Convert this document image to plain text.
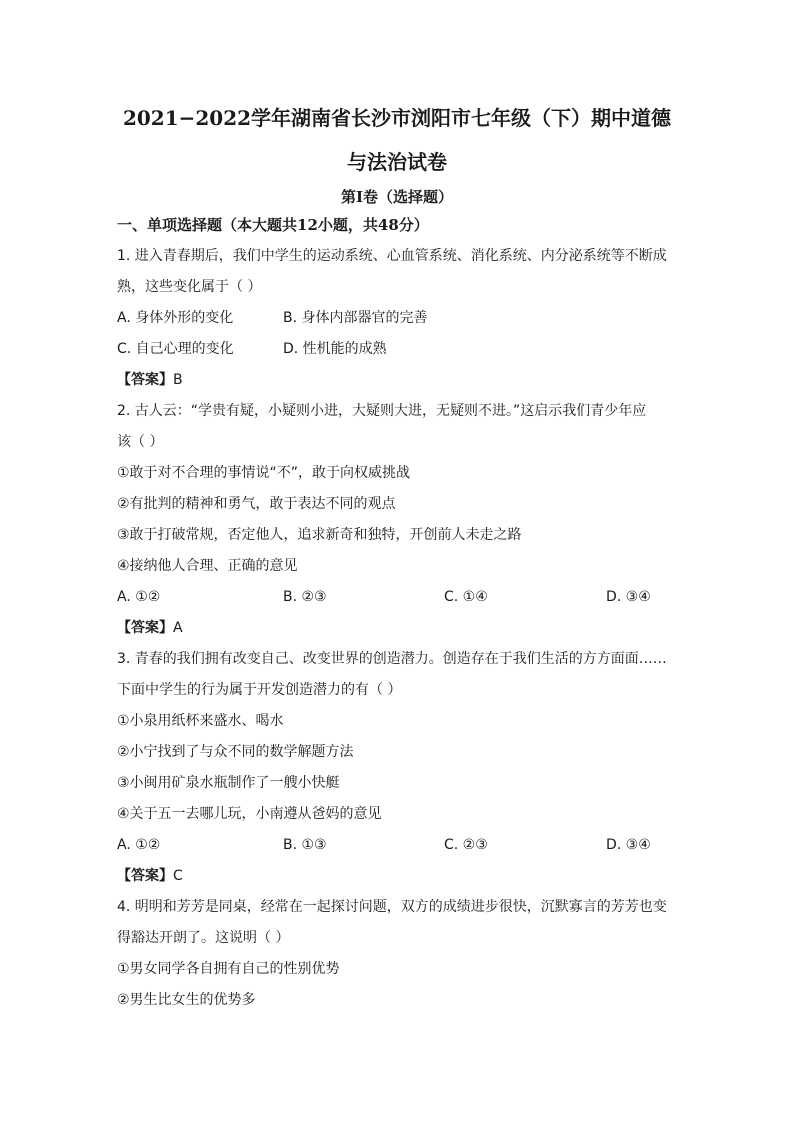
2021−2022学年湖南省长沙市浏阳市七年级（下）期中道德
与法治试卷
第I卷（选择题）
一、单项选择题（本大题共12小题，共48分）
1. 进入青春期后，我们中学生的运动系统、心血管系统、消化系统、内分泌系统等不断成
熟，这些变化属于（ ）
A. 身体外形的变化	B. 身体内部器官的完善
C. 自己心理的变化	D. 性机能的成熟
【答案】B
2. 古人云：“学贵有疑，小疑则小进，大疑则大进，无疑则不进。”这启示我们青少年应
该（ ）
①敢于对不合理的事情说“不”，敢于向权威挑战
②有批判的精神和勇气，敢于表达不同的观点
③敢于打破常规，否定他人，追求新奇和独特，开创前人未走之路
④接纳他人合理、正确的意见
A. ①②	B. ②③	C. ①④	D. ③④
【答案】A
3. 青春的我们拥有改变自己、改变世界的创造潜力。创造存在于我们生活的方方面面……
下面中学生的行为属于开发创造潜力的有（ ）
①小泉用纸杯来盛水、喝水
②小宁找到了与众不同的数学解题方法
③小闽用矿泉水瓶制作了一艘小快艇
④关于五一去哪儿玩，小南遵从爸妈的意见
A. ①②	B. ①③	C. ②③	D. ③④
【答案】C
4. 明明和芳芳是同桌，经常在一起探讨问题，双方的成绩进步很快，沉默寡言的芳芳也变
得豁达开朗了。这说明（ ）
①男女同学各自拥有自己的性别优势
②男生比女生的优势多
